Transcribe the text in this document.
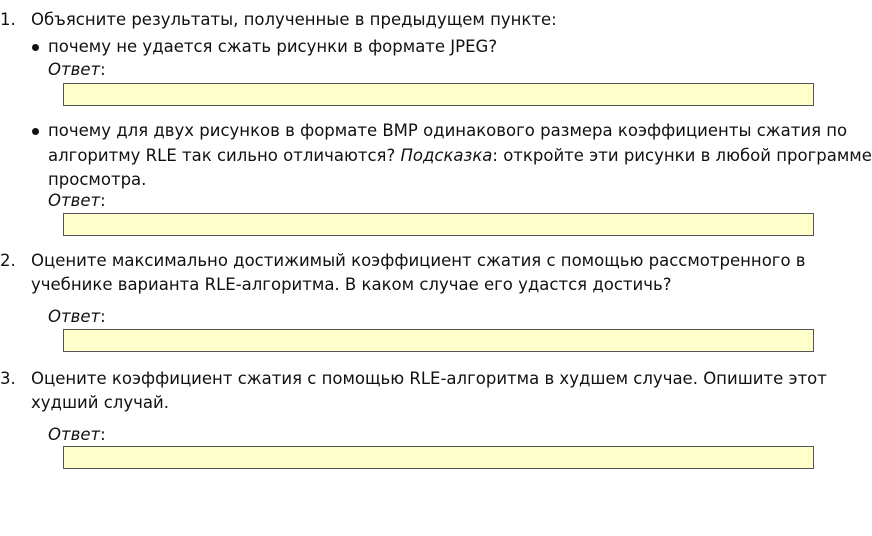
1. Объясните результаты, полученные в предыдущем пункте:
почему не удается сжать рисунки в формате JPEG?
Ответ:
почему для двух рисунков в формате BMP одинакового размера коэффициенты сжатия по
алгоритму RLE так сильно отличаются? Подсказка: откройте эти рисунки в любой программе
просмотра.
Ответ:
2. Оцените максимально достижимый коэффициент сжатия с помощью рассмотренного в
учебнике варианта RLE-алгоритма. В каком случае его удастся достичь?
Ответ:
3. Оцените коэффициент сжатия с помощью RLE-алгоритма в худшем случае. Опишите этот
худший случай.
Ответ:
